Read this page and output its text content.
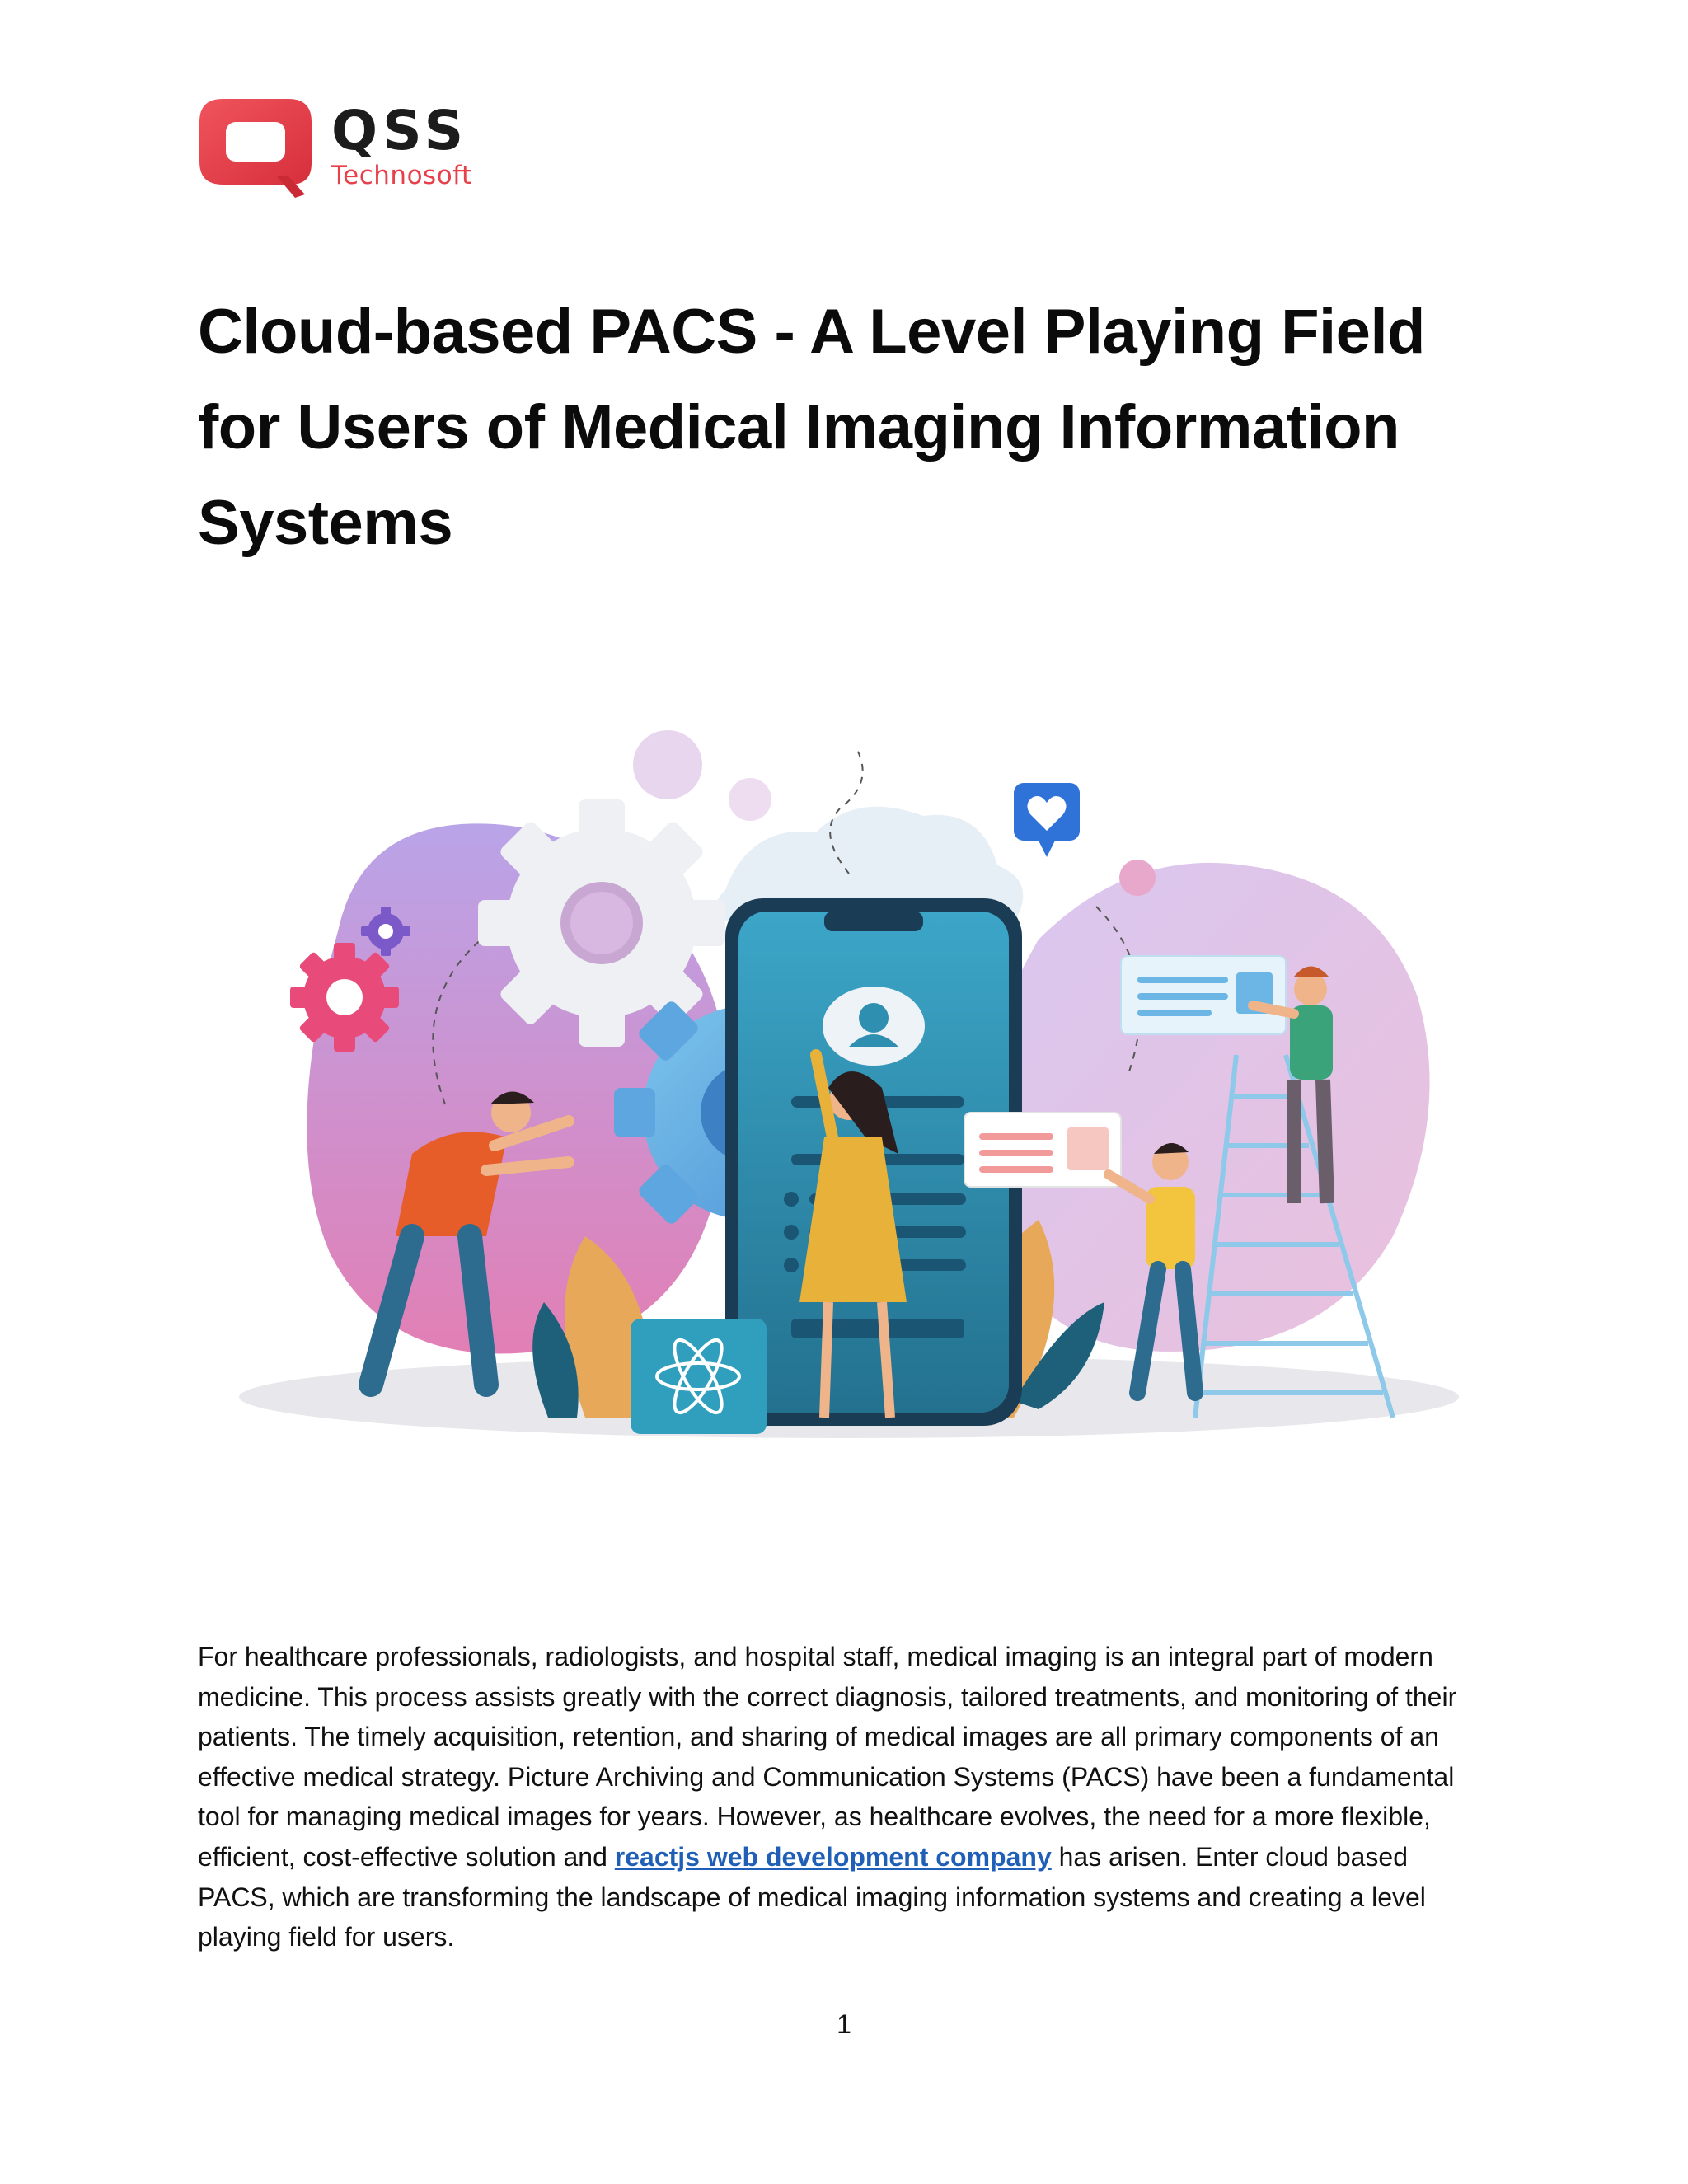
QSS
Technosoft
Cloud-based PACS - A Level Playing Field for Users of Medical Imaging Information Systems

For healthcare professionals, radiologists, and hospital staff, medical imaging is an integral part of modern medicine. This process assists greatly with the correct diagnosis, tailored treatments, and monitoring of their patients. The timely acquisition, retention, and sharing of medical images are all primary components of an effective medical strategy. Picture Archiving and Communication Systems (PACS) have been a fundamental tool for managing medical images for years. However, as healthcare evolves, the need for a more flexible, efficient, cost-effective solution and reactjs web development company has arisen. Enter cloud based PACS, which are transforming the landscape of medical imaging information systems and creating a level playing field for users.

1
